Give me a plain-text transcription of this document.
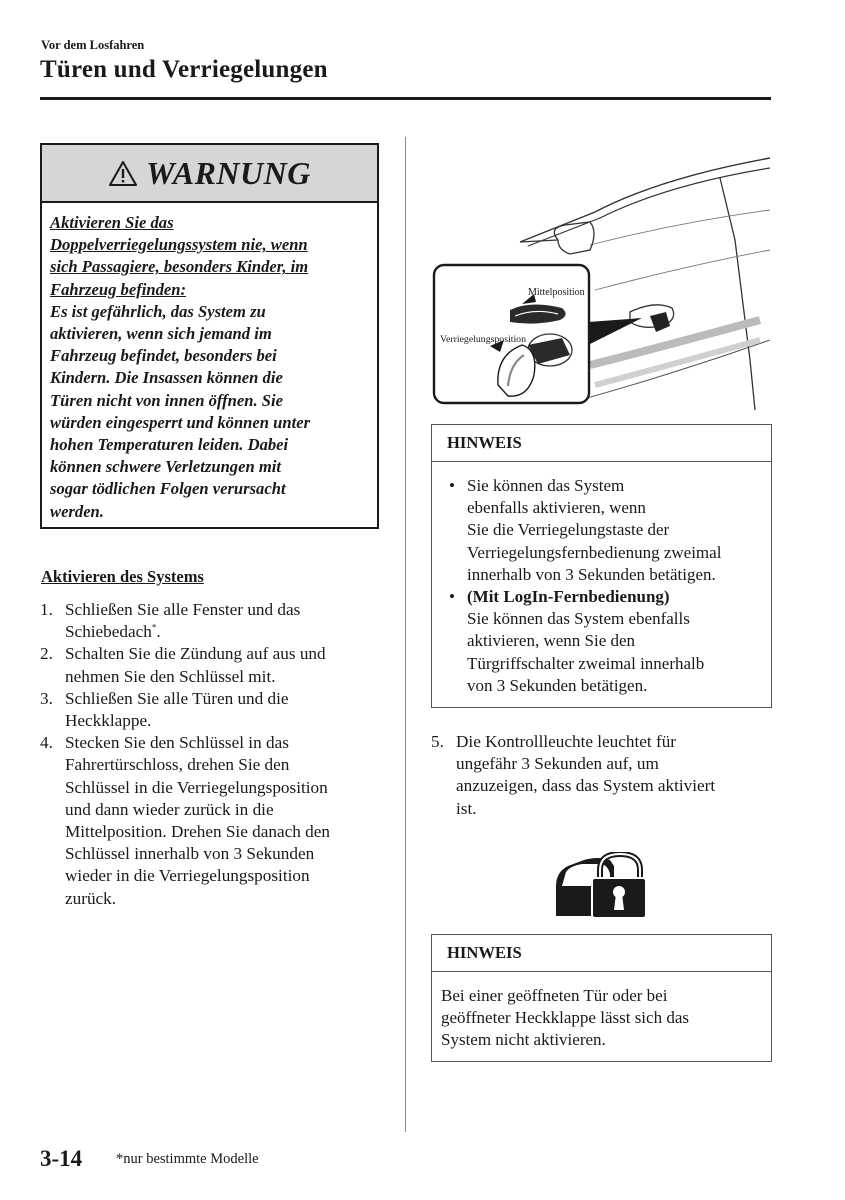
Vor dem Losfahren
Türen und Verriegelungen
WARNUNG
Aktivieren Sie das
Doppelverriegelungssystem nie, wenn
sich Passagiere, besonders Kinder, im
Fahrzeug befinden:
Es ist gefährlich, das System zu
aktivieren, wenn sich jemand im
Fahrzeug befindet, besonders bei
Kindern. Die Insassen können die
Türen nicht von innen öffnen. Sie
würden eingesperrt und können unter
hohen Temperaturen leiden. Dabei
können schwere Verletzungen mit
sogar tödlichen Folgen verursacht
werden.
Aktivieren des Systems
1. Schließen Sie alle Fenster und das
Schiebedach*.
2. Schalten Sie die Zündung auf aus und
nehmen Sie den Schlüssel mit.
3. Schließen Sie alle Türen und die
Heckklappe.
4. Stecken Sie den Schlüssel in das
Fahrertürschloss, drehen Sie den
Schlüssel in die Verriegelungsposition
und dann wieder zurück in die
Mittelposition. Drehen Sie danach den
Schlüssel innerhalb von 3 Sekunden
wieder in die Verriegelungsposition
zurück.
Mittelposition
Verriegelungsposition
HINWEIS
• Sie können das System
ebenfalls aktivieren, wenn
Sie die Verriegelungstaste der
Verriegelungsfernbedienung zweimal
innerhalb von 3 Sekunden betätigen.
• (Mit LogIn-Fernbedienung)
Sie können das System ebenfalls
aktivieren, wenn Sie den
Türgriffschalter zweimal innerhalb
von 3 Sekunden betätigen.
5. Die Kontrollleuchte leuchtet für
ungefähr 3 Sekunden auf, um
anzuzeigen, dass das System aktiviert
ist.
HINWEIS
Bei einer geöffneten Tür oder bei
geöffneter Heckklappe lässt sich das
System nicht aktivieren.
3-14 *nur bestimmte Modelle
